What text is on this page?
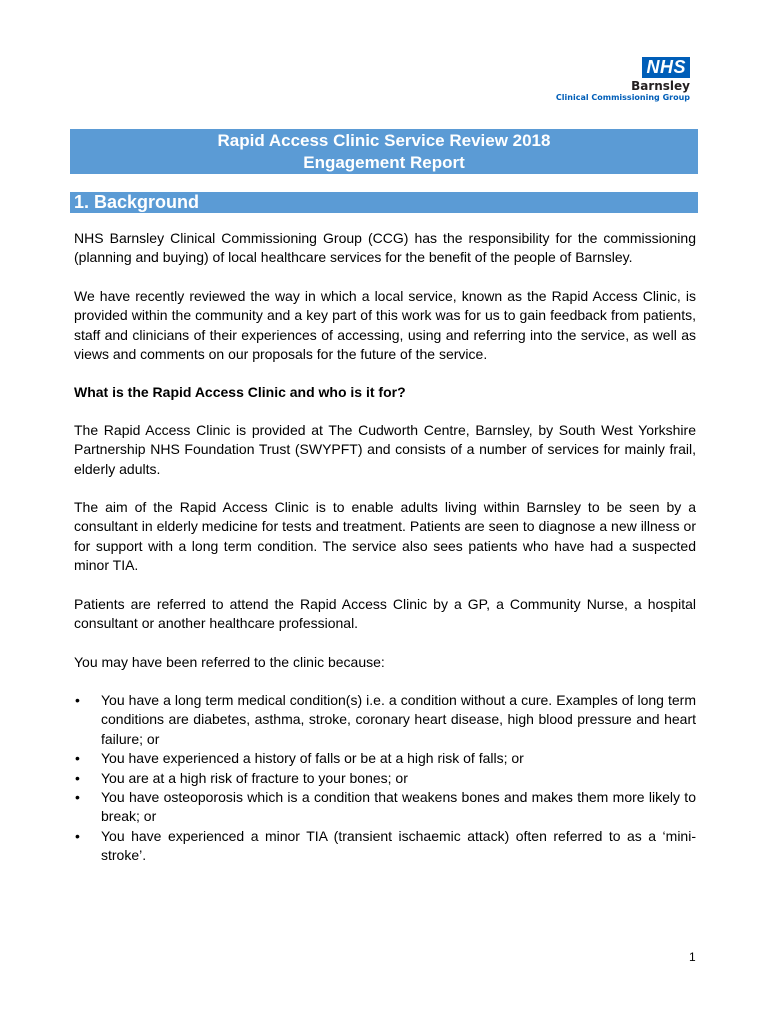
NHS
Barnsley
Clinical Commissioning Group
Rapid Access Clinic Service Review 2018
Engagement Report
1. Background

NHS Barnsley Clinical Commissioning Group (CCG) has the responsibility for the commissioning (planning and buying) of local healthcare services for the benefit of the people of Barnsley.

We have recently reviewed the way in which a local service, known as the Rapid Access Clinic, is provided within the community and a key part of this work was for us to gain feedback from patients, staff and clinicians of their experiences of accessing, using and referring into the service, as well as views and comments on our proposals for the future of the service.

What is the Rapid Access Clinic and who is it for?

The Rapid Access Clinic is provided at The Cudworth Centre, Barnsley, by South West Yorkshire Partnership NHS Foundation Trust (SWYPFT) and consists of a number of services for mainly frail, elderly adults.

The aim of the Rapid Access Clinic is to enable adults living within Barnsley to be seen by a consultant in elderly medicine for tests and treatment. Patients are seen to diagnose a new illness or for support with a long term condition. The service also sees patients who have had a suspected minor TIA.

Patients are referred to attend the Rapid Access Clinic by a GP, a Community Nurse, a hospital consultant or another healthcare professional.

You may have been referred to the clinic because:

• You have a long term medical condition(s) i.e. a condition without a cure. Examples of long term conditions are diabetes, asthma, stroke, coronary heart disease, high blood pressure and heart failure; or
• You have experienced a history of falls or be at a high risk of falls; or
• You are at a high risk of fracture to your bones; or
• You have osteoporosis which is a condition that weakens bones and makes them more likely to break; or
• You have experienced a minor TIA (transient ischaemic attack) often referred to as a ‘mini-stroke’.
1
